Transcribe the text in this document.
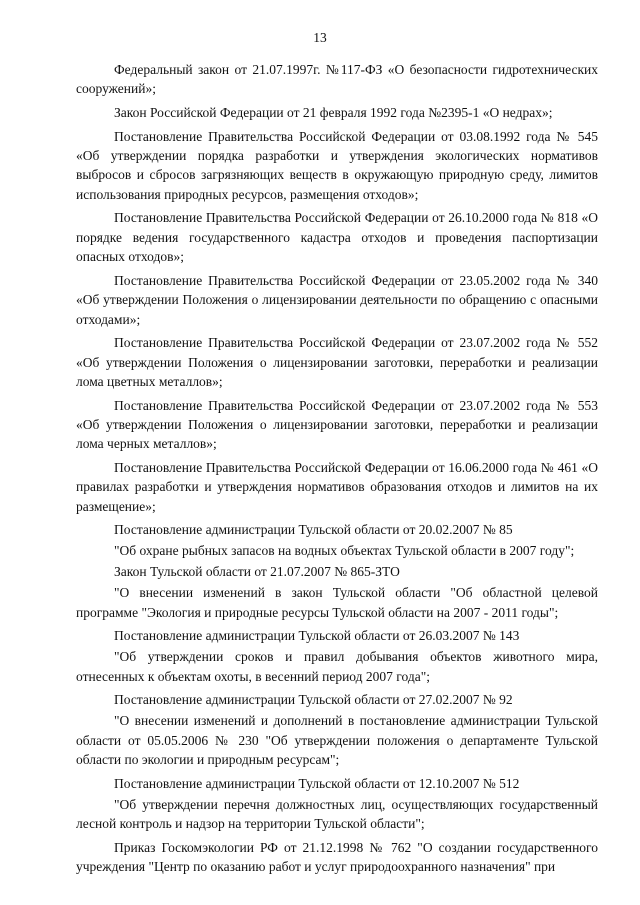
13

Федеральный закон от 21.07.1997г. №117-ФЗ «О безопасности гидротехнических сооружений»;

Закон Российской Федерации от 21 февраля 1992 года №2395-1 «О недрах»;

Постановление Правительства Российской Федерации от 03.08.1992 года № 545 «Об утверждении порядка разработки и утверждения экологических нормативов выбросов и сбросов загрязняющих веществ в окружающую природную среду, лимитов использования природных ресурсов, размещения отходов»;

Постановление Правительства Российской Федерации от 26.10.2000 года № 818 «О порядке ведения государственного кадастра отходов и проведения паспортизации опасных отходов»;

Постановление Правительства Российской Федерации от 23.05.2002 года № 340 «Об утверждении Положения о лицензировании деятельности по обращению с опасными отходами»;

Постановление Правительства Российской Федерации от 23.07.2002 года № 552 «Об утверждении Положения о лицензировании заготовки, переработки и реализации лома цветных металлов»;

Постановление Правительства Российской Федерации от 23.07.2002 года № 553 «Об утверждении Положения о лицензировании заготовки, переработки и реализации лома черных металлов»;

Постановление Правительства Российской Федерации от 16.06.2000 года № 461 «О правилах разработки и утверждения нормативов образования отходов и лимитов на их размещение»;

Постановление администрации Тульской области от 20.02.2007 № 85

"Об охране рыбных запасов на водных объектах Тульской области в 2007 году";

Закон Тульской области от 21.07.2007 № 865-ЗТО

"О внесении изменений в закон Тульской области "Об областной целевой программе "Экология и природные ресурсы Тульской области на 2007 - 2011 годы";

Постановление администрации Тульской области от 26.03.2007 № 143

"Об утверждении сроков и правил добывания объектов животного мира, отнесенных к объектам охоты, в весенний период 2007 года";

Постановление администрации Тульской области от 27.02.2007 № 92

"О внесении изменений и дополнений в постановление администрации Тульской области от 05.05.2006 № 230 "Об утверждении положения о департаменте Тульской области по экологии и природным ресурсам";

Постановление администрации Тульской области от 12.10.2007 № 512

"Об утверждении перечня должностных лиц, осуществляющих государственный лесной контроль и надзор на территории Тульской области";

Приказ Госкомэкологии РФ от 21.12.1998 № 762 "О создании государственного учреждения "Центр по оказанию работ и услуг природоохранного назначения" при
